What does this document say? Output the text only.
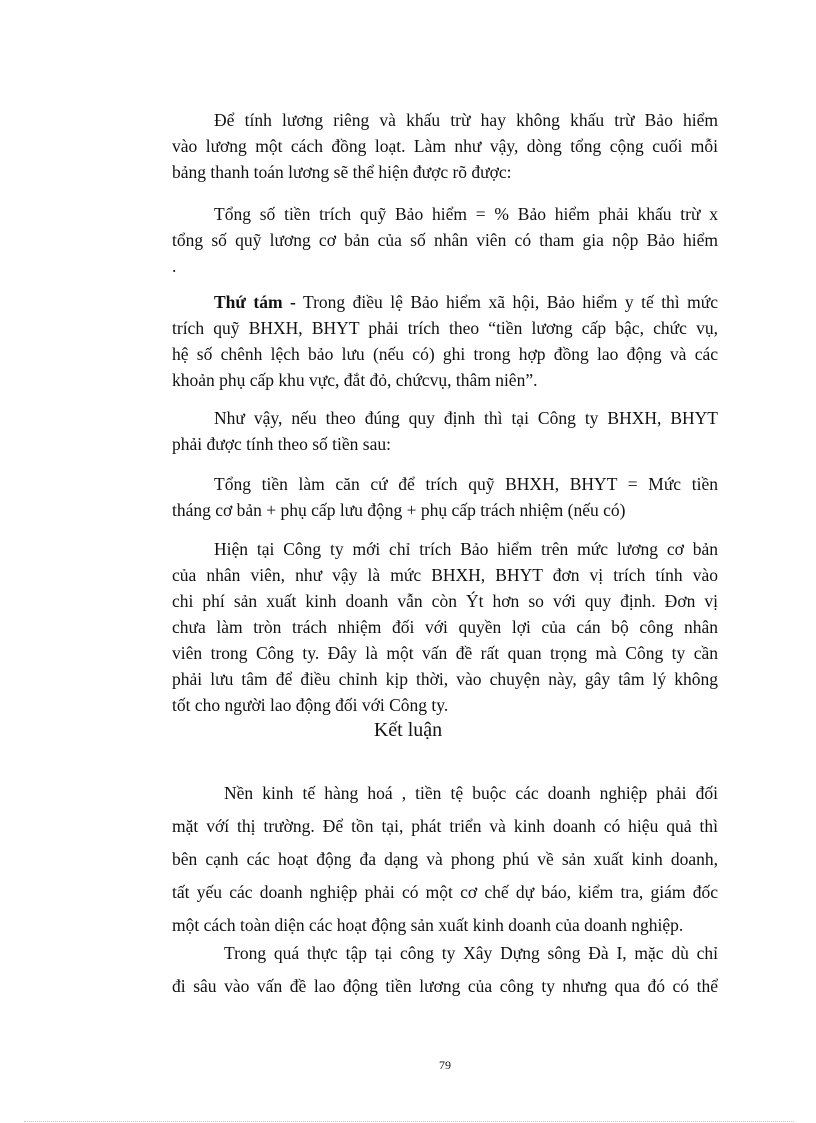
Để tính lương riêng và khấu trừ hay không khấu trừ Bảo hiểm
vào lương một cách đồng loạt. Làm như vậy, dòng tổng cộng cuối mỗi
bảng thanh toán lương sẽ thể hiện được rõ được:
Tổng số tiền trích quỹ Bảo hiểm = % Bảo hiểm phải khấu trừ x
tổng số quỹ lương cơ bản của số nhân viên có tham gia nộp Bảo hiểm
.
Thứ tám - Trong điều lệ Bảo hiểm xã hội, Bảo hiểm y tế thì mức
trích quỹ BHXH, BHYT phải trích theo “tiền lương cấp bậc, chức vụ,
hệ số chênh lệch bảo lưu (nếu có) ghi trong hợp đồng lao động và các
khoản phụ cấp khu vực, đắt đỏ, chứcvụ, thâm niên”.
Như vậy, nếu theo đúng quy định thì tại Công ty BHXH, BHYT
phải được tính theo số tiền sau:
Tổng tiền làm căn cứ để trích quỹ BHXH, BHYT = Mức tiền
tháng cơ bản + phụ cấp lưu động + phụ cấp trách nhiệm (nếu có)
Hiện tại Công ty mới chỉ trích Bảo hiểm trên mức lương cơ bản
của nhân viên, như vậy là mức BHXH, BHYT đơn vị trích tính vào
chi phí sản xuất kinh doanh vẫn còn Ýt hơn so với quy định. Đơn vị
chưa làm tròn trách nhiệm đối với quyền lợi của cán bộ công nhân
viên trong Công ty. Đây là một vấn đề rất quan trọng mà Công ty cần
phải lưu tâm để điều chỉnh kịp thời, vào chuyện này, gây tâm lý không
tốt cho người lao động đối với Công ty.
Kết luận
Nền kinh tế hàng hoá , tiền tệ buộc các doanh nghiệp phải đối
mặt vớí thị trường. Để tồn tại, phát triển và kinh doanh có hiệu quả thì
bên cạnh các hoạt động đa dạng và phong phú về sản xuất kinh doanh,
tất yếu các doanh nghiệp phải có một cơ chế dự báo, kiểm tra, giám đốc
một cách toàn diện các hoạt động sản xuất kinh doanh của doanh nghiệp.
Trong quá thực tập tại công ty Xây Dựng sông Đà I, mặc dù chỉ
đi sâu vào vấn đề lao động tiền lương của công ty nhưng qua đó có thể
79
